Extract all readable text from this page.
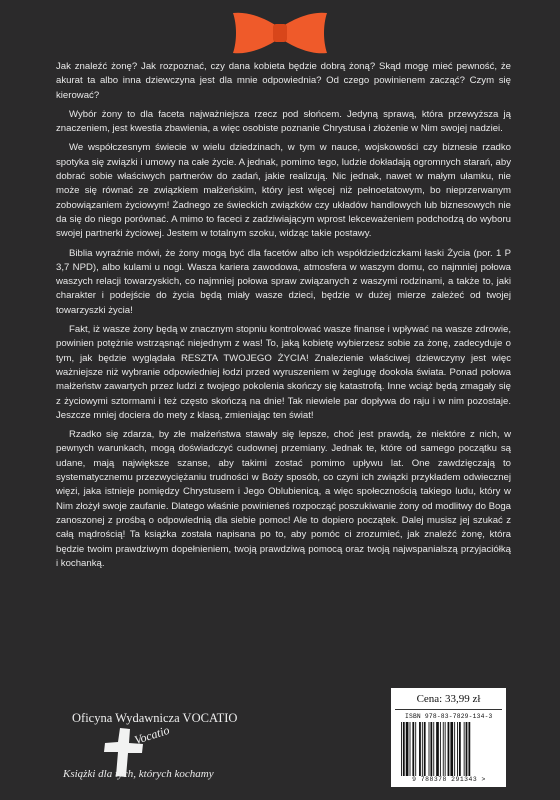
Jak znaleźć żonę? Jak rozpoznać, czy dana kobieta będzie dobrą żoną? Skąd mogę mieć pewność, że akurat ta albo inna dziewczyna jest dla mnie odpowiednia? Od czego powinienem zacząć? Czym się kierować?

Wybór żony to dla faceta najważniejsza rzecz pod słońcem. Jedyną sprawą, która przewyższa ją znaczeniem, jest kwestia zbawienia, a więc osobiste poznanie Chrystusa i złożenie w Nim swojej nadziei.

We współczesnym świecie w wielu dziedzinach, w tym w nauce, wojskowości czy biznesie rzadko spotyka się związki i umowy na całe życie. A jednak, pomimo tego, ludzie dokładają ogromnych starań, aby dobrać sobie właściwych partnerów do zadań, jakie realizują. Nic jednak, nawet w małym ułamku, nie może się równać ze związkiem małżeńskim, który jest więcej niż pełnoetatowym, bo nieprzerwanym zobowiązaniem życiowym! Żadnego ze świeckich związków czy układów handlowych lub biznesowych nie da się do niego porównać. A mimo to faceci z zadziwiającym wprost lekceważeniem podchodzą do wyboru swojej partnerki życiowej. Jestem w totalnym szoku, widząc takie postawy.

Biblia wyraźnie mówi, że żony mogą być dla facetów albo ich współdziedziczkami łaski Życia (por. 1 P 3,7 NPD), albo kulami u nogi. Wasza kariera zawodowa, atmosfera w waszym domu, co najmniej połowa waszych relacji towarzyskich, co najmniej połowa spraw związanych z waszymi rodzinami, a także to, jaki charakter i podejście do życia będą miały wasze dzieci, będzie w dużej mierze zależeć od twojej towarzyszki życia!

Fakt, iż wasze żony będą w znacznym stopniu kontrolować wasze finanse i wpływać na wasze zdrowie, powinien potężnie wstrząsnąć niejednym z was! To, jaką kobietę wybierzesz sobie za żonę, zadecyduje o tym, jak będzie wyglądała RESZTA TWOJEGO ŻYCIA! Znalezienie właściwej dziewczyny jest więc ważniejsze niż wybranie odpowiedniej łodzi przed wyruszeniem w żeglugę dookoła świata. Ponad połowa małżeństw zawartych przez ludzi z twojego pokolenia skończy się katastrofą. Inne wciąż będą zmagały się z życiowymi sztormami i też często skończą na dnie! Tak niewiele par dopływa do raju i w nim pozostaje. Jeszcze mniej dociera do mety z klasą, zmieniając ten świat!

Rzadko się zdarza, by złe małżeństwa stawały się lepsze, choć jest prawdą, że niektóre z nich, w pewnych warunkach, mogą doświadczyć cudownej przemiany. Jednak te, które od samego początku są udane, mają największe szanse, aby takimi zostać pomimo upływu lat. One zawdzięczają to systematycznemu przezwyciężaniu trudności w Boży sposób, co czyni ich związki przykładem odwiecznej więzi, jaka istnieje pomiędzy Chrystusem i Jego Oblubienicą, a więc społecznością takiego ludu, który w Nim złożył swoje zaufanie. Dlatego właśnie powinieneś rozpocząć poszukiwanie żony od modlitwy do Boga zanoszonej z prośbą o odpowiednią dla siebie pomoc! Ale to dopiero początek. Dalej musisz jej szukać z całą mądrością! Ta książka została napisana po to, aby pomóc ci zrozumieć, jak znaleźć żonę, która będzie twoim prawdziwym dopełnieniem, twoją prawdziwą pomocą oraz twoją najwspanialszą przyjaciółką i kochanką.

Oficyna Wydawnicza VOCATIO
Vocatio
Książki dla tych, których kochamy
Cena: 33,99 zł
ISBN 978-83-7829-134-3
9 788378 291343 >
